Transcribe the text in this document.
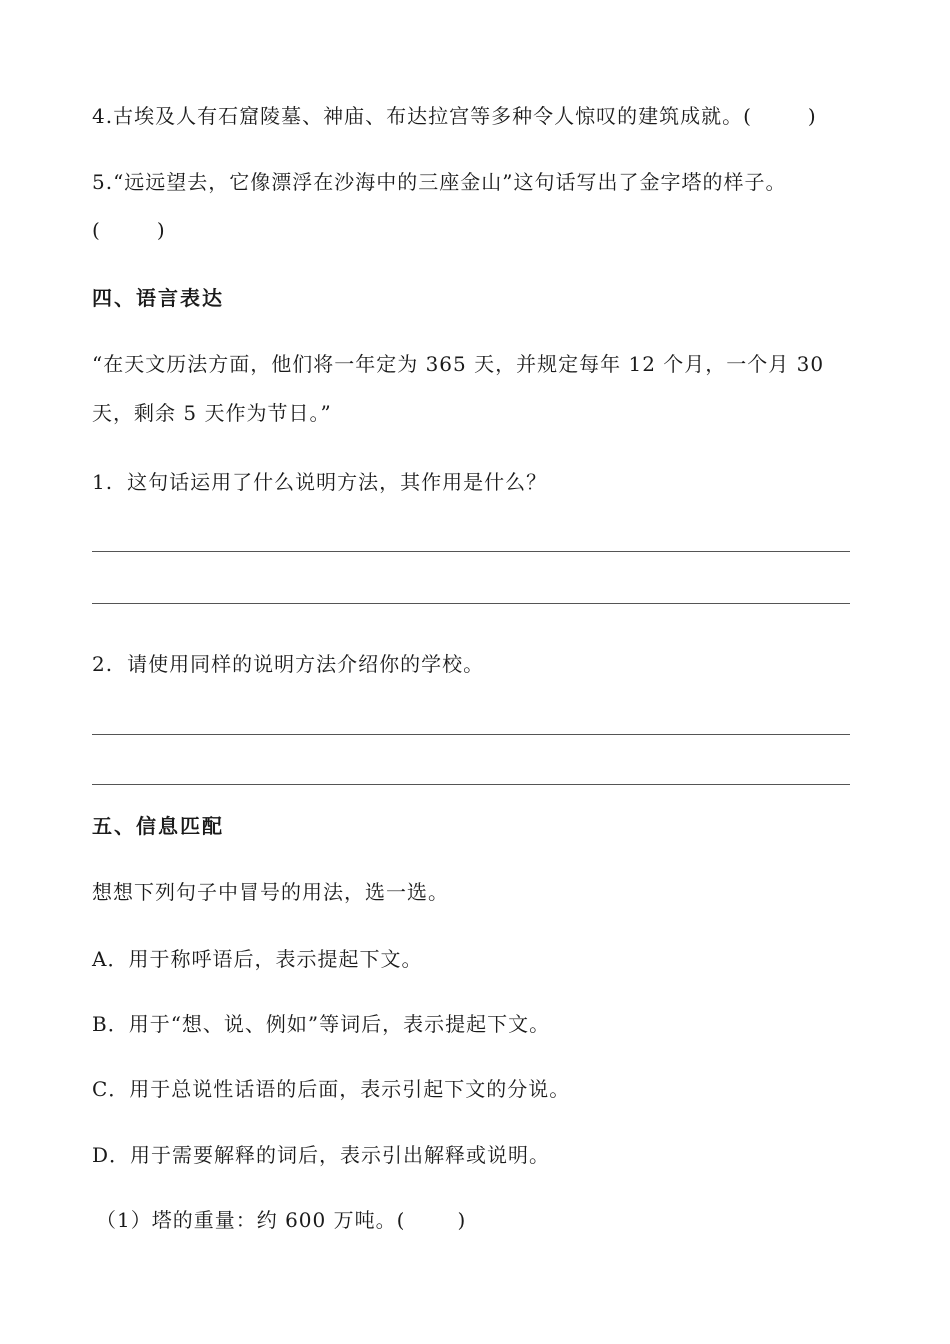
4.古埃及人有石窟陵墓、神庙、布达拉宫等多种令人惊叹的建筑成就。(	)
5.“远远望去，它像漂浮在沙海中的三座金山”这句话写出了金字塔的样子。
(	)
四、语言表达
“在天文历法方面，他们将一年定为 365 天，并规定每年 12 个月，一个月 30
天，剩余 5 天作为节日。”
1. 这句话运用了什么说明方法，其作用是什么？
2. 请使用同样的说明方法介绍你的学校。
五、信息匹配
想想下列句子中冒号的用法，选一选。
A．用于称呼语后，表示提起下文。
B．用于“想、说、例如”等词后，表示提起下文。
C．用于总说性话语的后面，表示引起下文的分说。
D．用于需要解释的词后，表示引出解释或说明。
（1）塔的重量：约 600 万吨。(	)
